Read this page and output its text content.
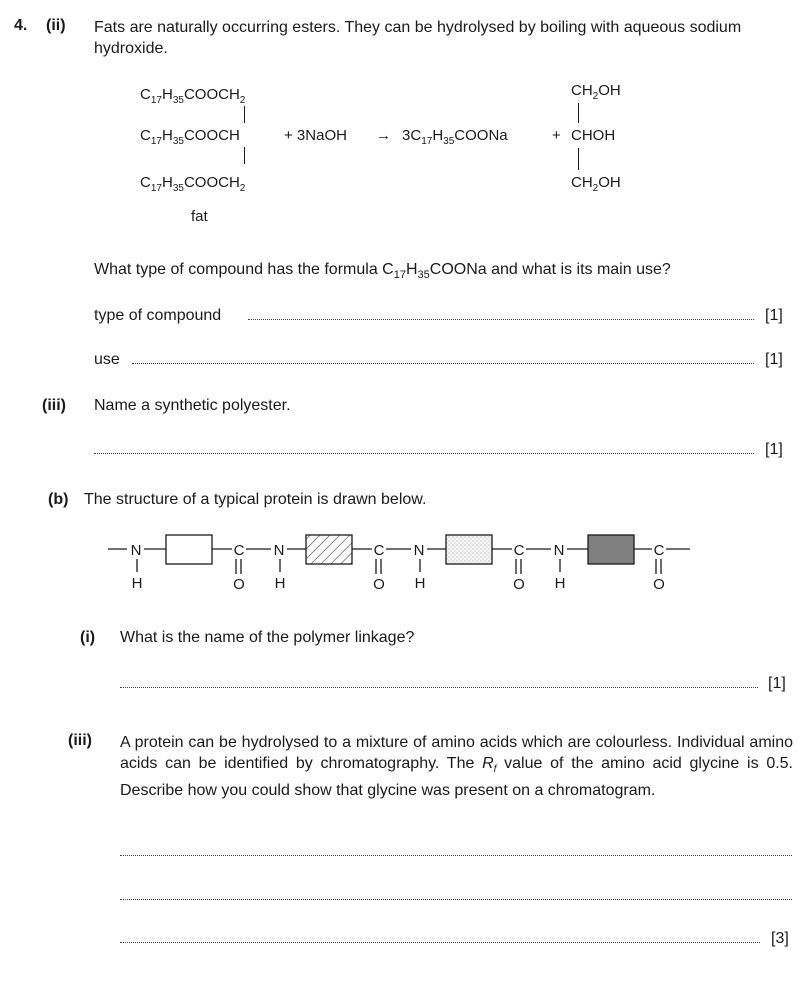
4. (ii) Fats are naturally occurring esters. They can be hydrolysed by boiling with aqueous sodium hydroxide.
$C_{17}H_{35}COOCH_2$
$C_{17}H_{35}COOCH$
$C_{17}H_{35}COOCH_2$
fat
+ 3NaOH → $3C_{17}H_{35}COONa$	+
$CH_2OH$
CHOH
$CH_2OH$
What type of compound has the formula $C_{17}H_{35}COONa$ and what is its main use?
type of compound	[1]
use	[1]
(iii) Name a synthetic polyester.
[1]
(b) The structure of a typical protein is drawn below.
N
H
C
O
N
H
C
O
N
H
C
O
N
H
C
O
(i) What is the name of the polymer linkage?
[1]
(iii) A protein can be hydrolysed to a mixture of amino acids which are colourless. Individual amino acids can be identified by chromatography. The $R_f$ value of the amino acid glycine is 0.5. Describe how you could show that glycine was present on a chromatogram.
[3]
